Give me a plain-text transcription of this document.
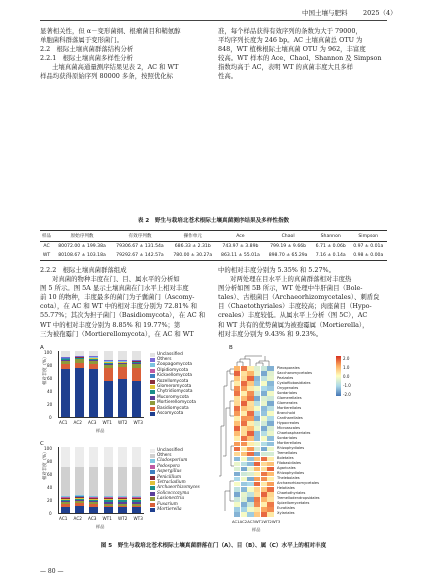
中国土壤与肥料 2025（4）
显著相关性，但 α－变形菌纲、根瘤菌目和鞘氨醇
单胞菌科群落属于变形菌门。
2.2　根际土壤真菌群落结构分析
2.2.1　根际土壤真菌多样性分析
土壤真菌高通量测序结果见表 2，AC 和 WT
样品均获得原始序列 80000 多条，按照优化标
准，每个样品获得有效序列的条数为大于 79000，
平均序列长度为 246 bp。AC 土壤真菌总 OTU 为
848，WT 植株根际土壤真菌 OTU 为 962，丰富度
较高。WT 样本的 Ace、Chaol、Shannon 及 Simpson
指数均高于 AC，表明 WT 的真菌丰度大且多样
性高。
表 2　野生与栽培北苍术根际土壤真菌测序结果及多样性指数
样品	原始序列数	有效序列数	操作单元	Ace	Chaol	Shannon	Simpson
AC	80072.00 ± 199.38a	79306.67 ± 131.54a	686.33 ± 2.31b	743.97 ± 3.89b	799.19 ± 9.66b	6.71 ± 0.06b	0.97 ± 0.01a
WT	80108.67 ± 103.18a	79292.67 ± 142.57a	780.00 ± 30.27a	863.11 ± 55.01a	898.70 ± 65.29a	7.16 ± 0.14a	0.98 ± 0.00a
2.2.2　根际土壤真菌群落组成
对真菌的物种丰度在门、目、属水平的分析如
图 5 所示。图 5A 显示土壤真菌在门水平上相对丰度
前 10 的物种，丰度最多的菌门为子囊菌门（Ascomy-
cota），在 AC 和 WT 中的相对丰度分别为 72.81% 和
55.77%；其次为担子菌门（Basidiomycota），在 AC 和
WT 中的相对丰度分别为 8.85% 和 19.77%；第
三为被孢霉门（Mortierellomycota），在 AC 和 WT
中的相对丰度分别为 5.35% 和 5.27%。
对两处理在目水平上的真菌群落相对丰度热
图分析如图 5B 所示，WT 处理中牛肝菌目（Bole-
tales）、古根菌目（Archaeorhizomycetales）、刺盾炱
目（Chaetothyriales）丰度较高；肉座菌目（Hypo-
creales）丰度较低。从属水平上分析（图 5C），AC
和 WT 共有的优势菌属为被孢霉属（Mortierella），
相对丰度分别为 9.43% 和 9.23%。
A
相对丰度（%）
100
80
60
40
20
0
AC1 AC2 AC3 WT1 WT2 WT3
样品
Unclassified
Others
Zoopagomycota
Olpidiomycota
Kickxellomycota
Rozellomycota
Glomeromycota
Chytridiomycota
Mucoromycota
Mortierellomycota
Basidiomycota
Ascomycota
C
相对丰度（%）
100
80
60
40
20
0
AC1 AC2 AC3 WT1 WT2 WT3
样品
Unclassified
Others
Cladosporium
Podospora
Aspergillus
Penicillium
Tetracladium
Archaeorhizomyces
Solicoccozyma
Lasionectria
Fusarium
Mortierella
B
Pleosporales
Saccharomycetales
Pezizales
Cystofilobasidiales
Onygenales
Sordariales
Glomerellales
Glomerales
Mortierellales
Branchold
Cantharellales
Hypocreales
Microascales
Chaetosphaeriales
Sordariales
Mortierellales
Rhizophydiales
Tremellales
Boletales
Filobasidiales
Agaricales
Rhizophydiales
Thelebolales
Archaeorhizomycetales
Helotiales
Chaetothyriales
Tremellodendropsidales
Spizellomycetales
Eurotiales
Xylariales
AC1 AC2 AC3 WT1 WT2 WT3
样品
2.0
1.0
0.0
-1.0
-2.0
图 5　野生与栽培北苍术根际土壤真菌群落在门（A）、目（B）、属（C）水平上的相对丰度
— 80 —
